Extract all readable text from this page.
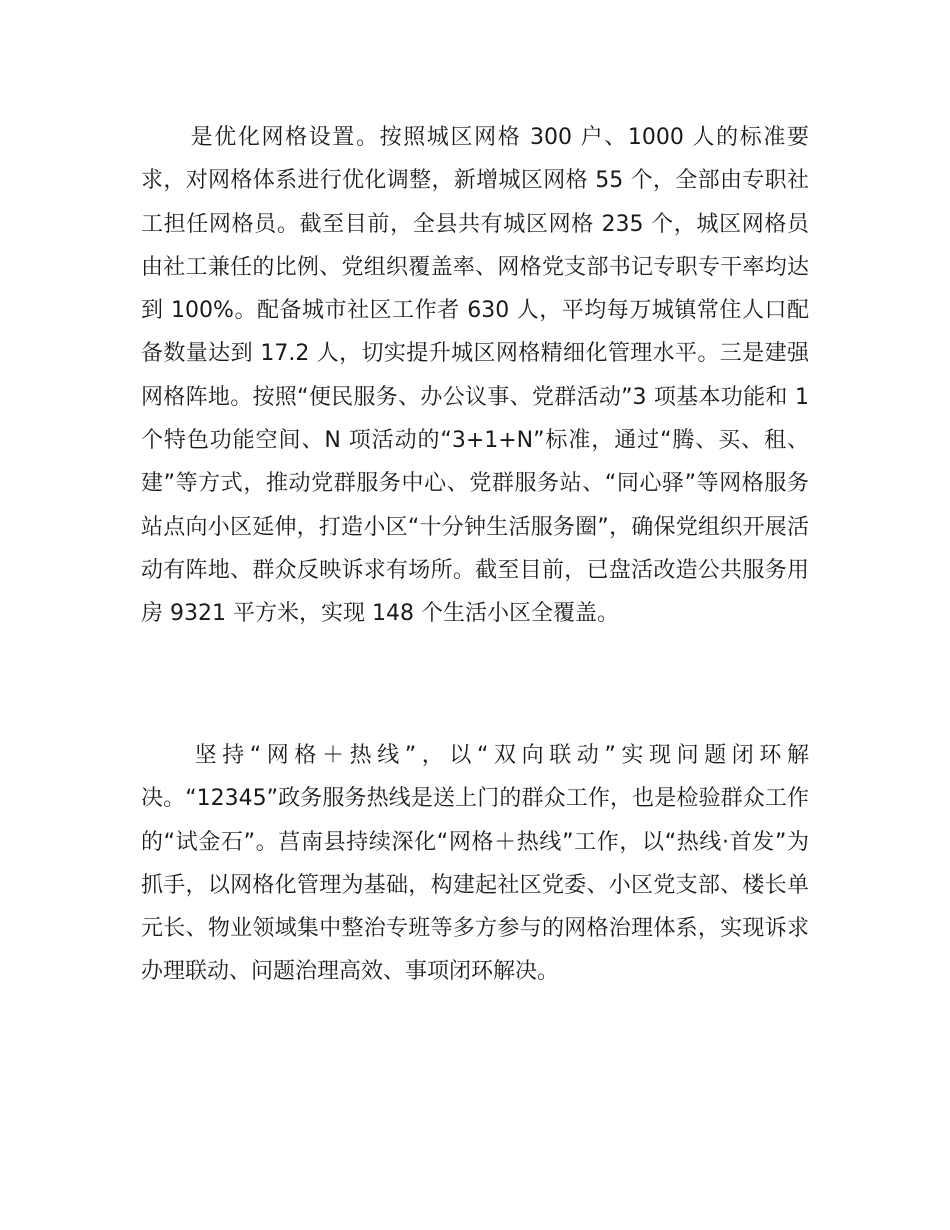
是优化网格设置。按照城区网格 300 户、1000 人的标准要求，对网格体系进行优化调整，新增城区网格 55 个，全部由专职社工担任网格员。截至目前，全县共有城区网格 235 个，城区网格员由社工兼任的比例、党组织覆盖率、网格党支部书记专职专干率均达到 100%。配备城市社区工作者 630 人，平均每万城镇常住人口配备数量达到 17.2 人，切实提升城区网格精细化管理水平。三是建强网格阵地。按照“便民服务、办公议事、党群活动”3 项基本功能和 1 个特色功能空间、N 项活动的“3+1+N”标准，通过“腾、买、租、建”等方式，推动党群服务中心、党群服务站、“同心驿”等网格服务站点向小区延伸，打造小区“十分钟生活服务圈”，确保党组织开展活动有阵地、群众反映诉求有场所。截至目前，已盘活改造公共服务用房 9321 平方米，实现 148 个生活小区全覆盖。

坚持“网格＋热线”，以“双向联动”实现问题闭环解决。“12345”政务服务热线是送上门的群众工作，也是检验群众工作的“试金石”。莒南县持续深化“网格＋热线”工作，以“热线·首发”为抓手，以网格化管理为基础，构建起社区党委、小区党支部、楼长单元长、物业领域集中整治专班等多方参与的网格治理体系，实现诉求办理联动、问题治理高效、事项闭环解决。
